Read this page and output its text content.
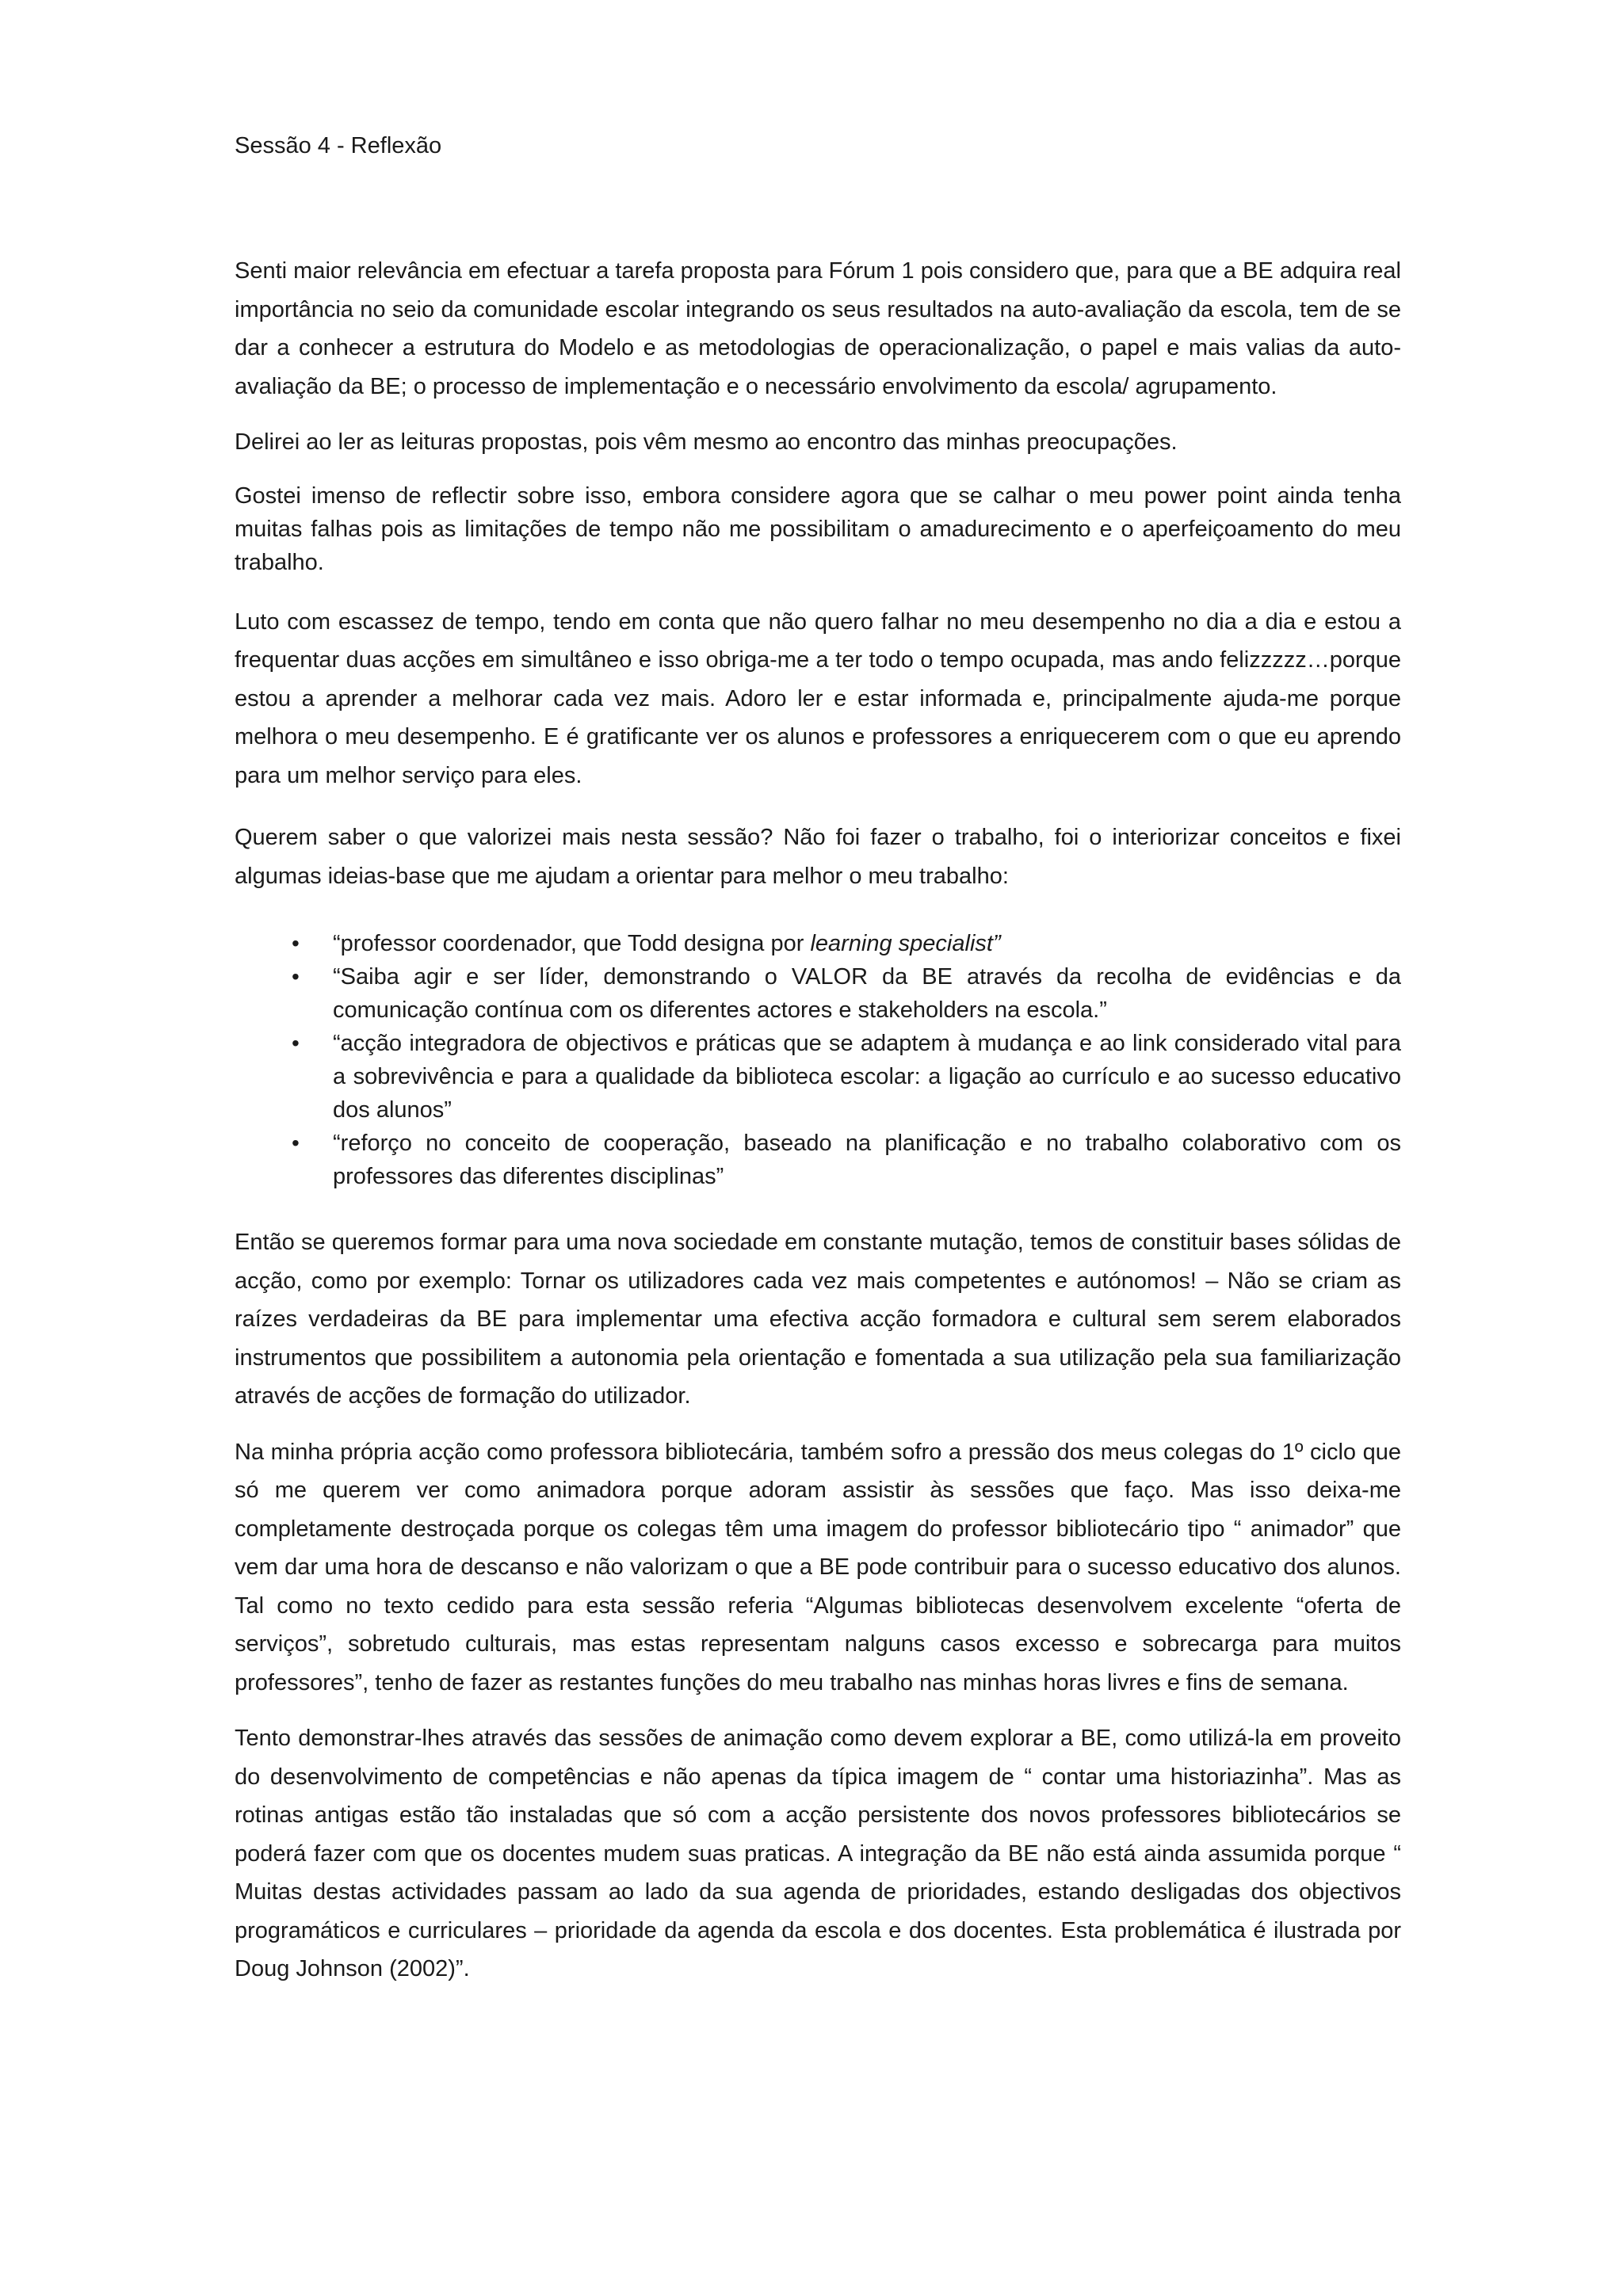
Sessão 4 - Reflexão

Senti maior relevância em efectuar a tarefa proposta para Fórum 1 pois considero que, para que a BE adquira real importância no seio da comunidade escolar integrando os seus resultados na auto-avaliação da escola, tem de se dar a conhecer a estrutura do Modelo e as metodologias de operacionalização, o papel e mais valias da auto-avaliação da BE; o processo de implementação e o necessário envolvimento da escola/ agrupamento.

Delirei ao ler as leituras propostas, pois vêm mesmo ao encontro das minhas preocupações.

Gostei imenso de reflectir sobre isso, embora considere agora que se calhar o meu power point ainda tenha muitas falhas pois as limitações de tempo não me possibilitam o amadurecimento e o aperfeiçoamento do meu trabalho.

Luto com escassez de tempo, tendo em conta que não quero falhar no meu desempenho no dia a dia e estou a frequentar duas acções em simultâneo e isso obriga-me a ter todo o tempo ocupada, mas ando felizzzzz…porque estou a aprender a melhorar cada vez mais. Adoro ler e estar informada e, principalmente ajuda-me porque melhora o meu desempenho. E é gratificante ver os alunos e professores a enriquecerem com o que eu aprendo para um melhor serviço para eles.

Querem saber o que valorizei mais nesta sessão? Não foi fazer o trabalho, foi o interiorizar conceitos e fixei algumas ideias-base que me ajudam a orientar para melhor o meu trabalho:

• “professor coordenador, que Todd designa por learning specialist”
• “Saiba agir e ser líder, demonstrando o VALOR da BE através da recolha de evidências e da comunicação contínua com os diferentes actores e stakeholders na escola.”
• “acção integradora de objectivos e práticas que se adaptem à mudança e ao link considerado vital para a sobrevivência e para a qualidade da biblioteca escolar: a ligação ao currículo e ao sucesso educativo dos alunos”
• “reforço no conceito de cooperação, baseado na planificação e no trabalho colaborativo com os professores das diferentes disciplinas”

Então se queremos formar para uma nova sociedade em constante mutação, temos de constituir bases sólidas de acção, como por exemplo: Tornar os utilizadores cada vez mais competentes e autónomos! – Não se criam as raízes verdadeiras da BE para implementar uma efectiva acção formadora e cultural sem serem elaborados instrumentos que possibilitem a autonomia pela orientação e fomentada a sua utilização pela sua familiarização através de acções de formação do utilizador.

Na minha própria acção como professora bibliotecária, também sofro a pressão dos meus colegas do 1º ciclo que só me querem ver como animadora porque adoram assistir às sessões que faço. Mas isso deixa-me completamente destroçada porque os colegas têm uma imagem do professor bibliotecário tipo “ animador” que vem dar uma hora de descanso e não valorizam o que a BE pode contribuir para o sucesso educativo dos alunos. Tal como no texto cedido para esta sessão referia “Algumas bibliotecas desenvolvem excelente “oferta de serviços”, sobretudo culturais, mas estas representam nalguns casos excesso e sobrecarga para muitos professores”, tenho de fazer as restantes funções do meu trabalho nas minhas horas livres e fins de semana.

Tento demonstrar-lhes através das sessões de animação como devem explorar a BE, como utilizá-la em proveito do desenvolvimento de competências e não apenas da típica imagem de “ contar uma historiazinha”. Mas as rotinas antigas estão tão instaladas que só com a acção persistente dos novos professores bibliotecários se poderá fazer com que os docentes mudem suas praticas. A integração da BE não está ainda assumida porque “ Muitas destas actividades passam ao lado da sua agenda de prioridades, estando desligadas dos objectivos programáticos e curriculares – prioridade da agenda da escola e dos docentes. Esta problemática é ilustrada por Doug Johnson (2002)”.
